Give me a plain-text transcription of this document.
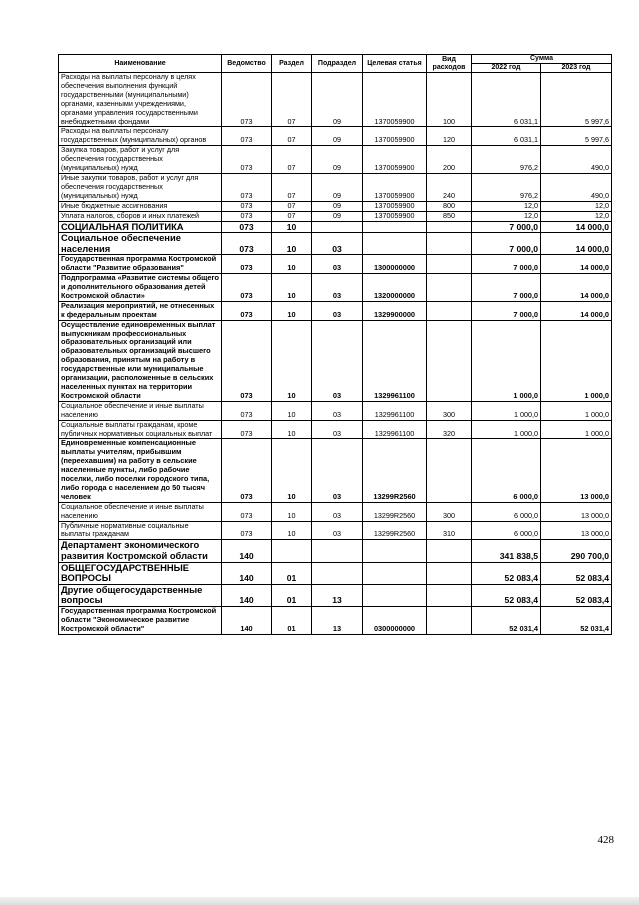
Наименование	Ведомство	Раздел	Подраздел	Целевая статья	Вид расходов	Сумма	
						2022 год	2023 год
Расходы на выплаты персоналу в целях обеспечения выполнения функций государственными (муниципальными) органами, казенными учреждениями, органами управления государственными внебюджетными фондами	073	07	09	1370059900	100	6 031,1	5 997,6
Расходы на выплаты персоналу государственных (муниципальных) органов	073	07	09	1370059900	120	6 031,1	5 997,6
Закупка товаров, работ и услуг для обеспечения государственных (муниципальных) нужд	073	07	09	1370059900	200	976,2	490,0
Иные закупки товаров, работ и услуг для обеспечения государственных (муниципальных) нужд	073	07	09	1370059900	240	976,2	490,0
Иные бюджетные ассигнования	073	07	09	1370059900	800	12,0	12,0
Уплата налогов, сборов и иных платежей	073	07	09	1370059900	850	12,0	12,0
СОЦИАЛЬНАЯ ПОЛИТИКА	073	10				7 000,0	14 000,0
Социальное обеспечение населения	073	10	03			7 000,0	14 000,0
Государственная программа Костромской области "Развитие образования"	073	10	03	1300000000		7 000,0	14 000,0
Подпрограмма «Развитие системы общего и дополнительного образования детей Костромской области»	073	10	03	1320000000		7 000,0	14 000,0
Реализация мероприятий, не отнесенных к федеральным проектам	073	10	03	1329900000		7 000,0	14 000,0
Осуществление единовременных выплат выпускникам профессиональных образовательных организаций или образовательных организаций высшего образования, принятым на работу в государственные или муниципальные организации, расположенные в сельских населенных пунктах на территории Костромской области	073	10	03	1329961100		1 000,0	1 000,0
Социальное обеспечение и иные выплаты населению	073	10	03	1329961100	300	1 000,0	1 000,0
Социальные выплаты гражданам, кроме публичных нормативных социальных выплат	073	10	03	1329961100	320	1 000,0	1 000,0
Единовременные компенсационные выплаты учителям, прибывшим (переехавшим) на работу в сельские населенные пункты, либо рабочие поселки, либо поселки городского типа, либо города с населением до 50 тысяч человек	073	10	03	13299R2560		6 000,0	13 000,0
Социальное обеспечение и иные выплаты населению	073	10	03	13299R2560	300	6 000,0	13 000,0
Публичные нормативные социальные выплаты гражданам	073	10	03	13299R2560	310	6 000,0	13 000,0
Департамент экономического развития Костромской области	140					341 838,5	290 700,0
ОБЩЕГОСУДАРСТВЕННЫЕ ВОПРОСЫ	140	01				52 083,4	52 083,4
Другие общегосударственные вопросы	140	01	13			52 083,4	52 083,4
Государственная программа Костромской области "Экономическое развитие Костромской области"	140	01	13	0300000000		52 031,4	52 031,4
428
